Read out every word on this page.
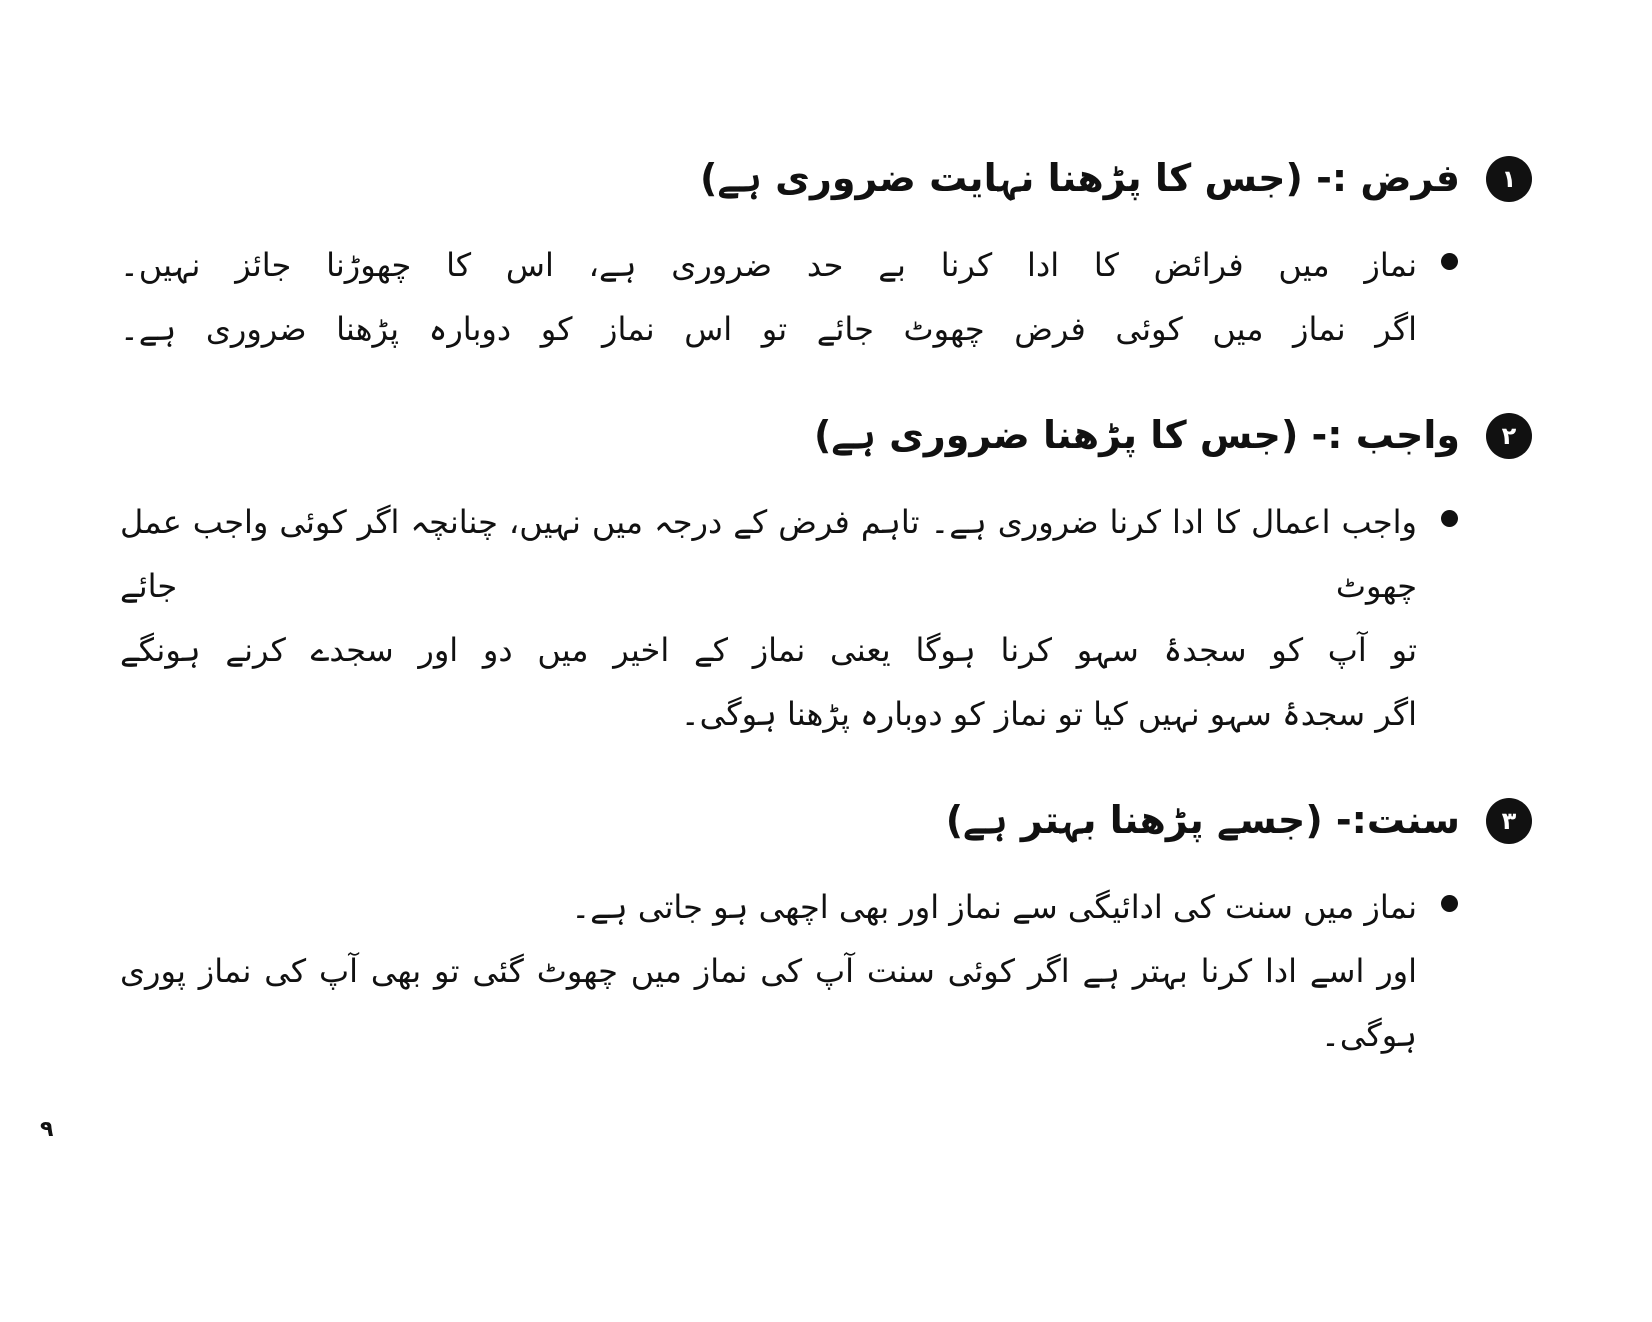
۱
فرض :- (جس کا پڑھنا نہایت ضروری ہے)
نماز میں فرائض کا ادا کرنا بے حد ضروری ہے، اس کا چھوڑنا جائز نہیں۔
اگر نماز میں کوئی فرض چھوٹ جائے تو اس نماز کو دوبارہ پڑھنا ضروری ہے۔
۲
واجب :- (جس کا پڑھنا ضروری ہے)
واجب اعمال کا ادا کرنا ضروری ہے۔ تاہم فرض کے درجہ میں نہیں، چنانچہ اگر کوئی واجب عمل چھوٹ جائے
تو آپ کو سجدۂ سہو کرنا ہوگا یعنی نماز کے اخیر میں دو اور سجدے کرنے ہونگے
اگر سجدۂ سہو نہیں کیا تو نماز کو دوبارہ پڑھنا ہوگی۔
۳
سنت:- (جسے پڑھنا بہتر ہے)
نماز میں سنت کی ادائیگی سے نماز اور بھی اچھی ہو جاتی ہے۔
اور اسے ادا کرنا بہتر ہے اگر کوئی سنت آپ کی نماز میں چھوٹ گئی تو بھی آپ کی نماز پوری ہوگی۔
۹
